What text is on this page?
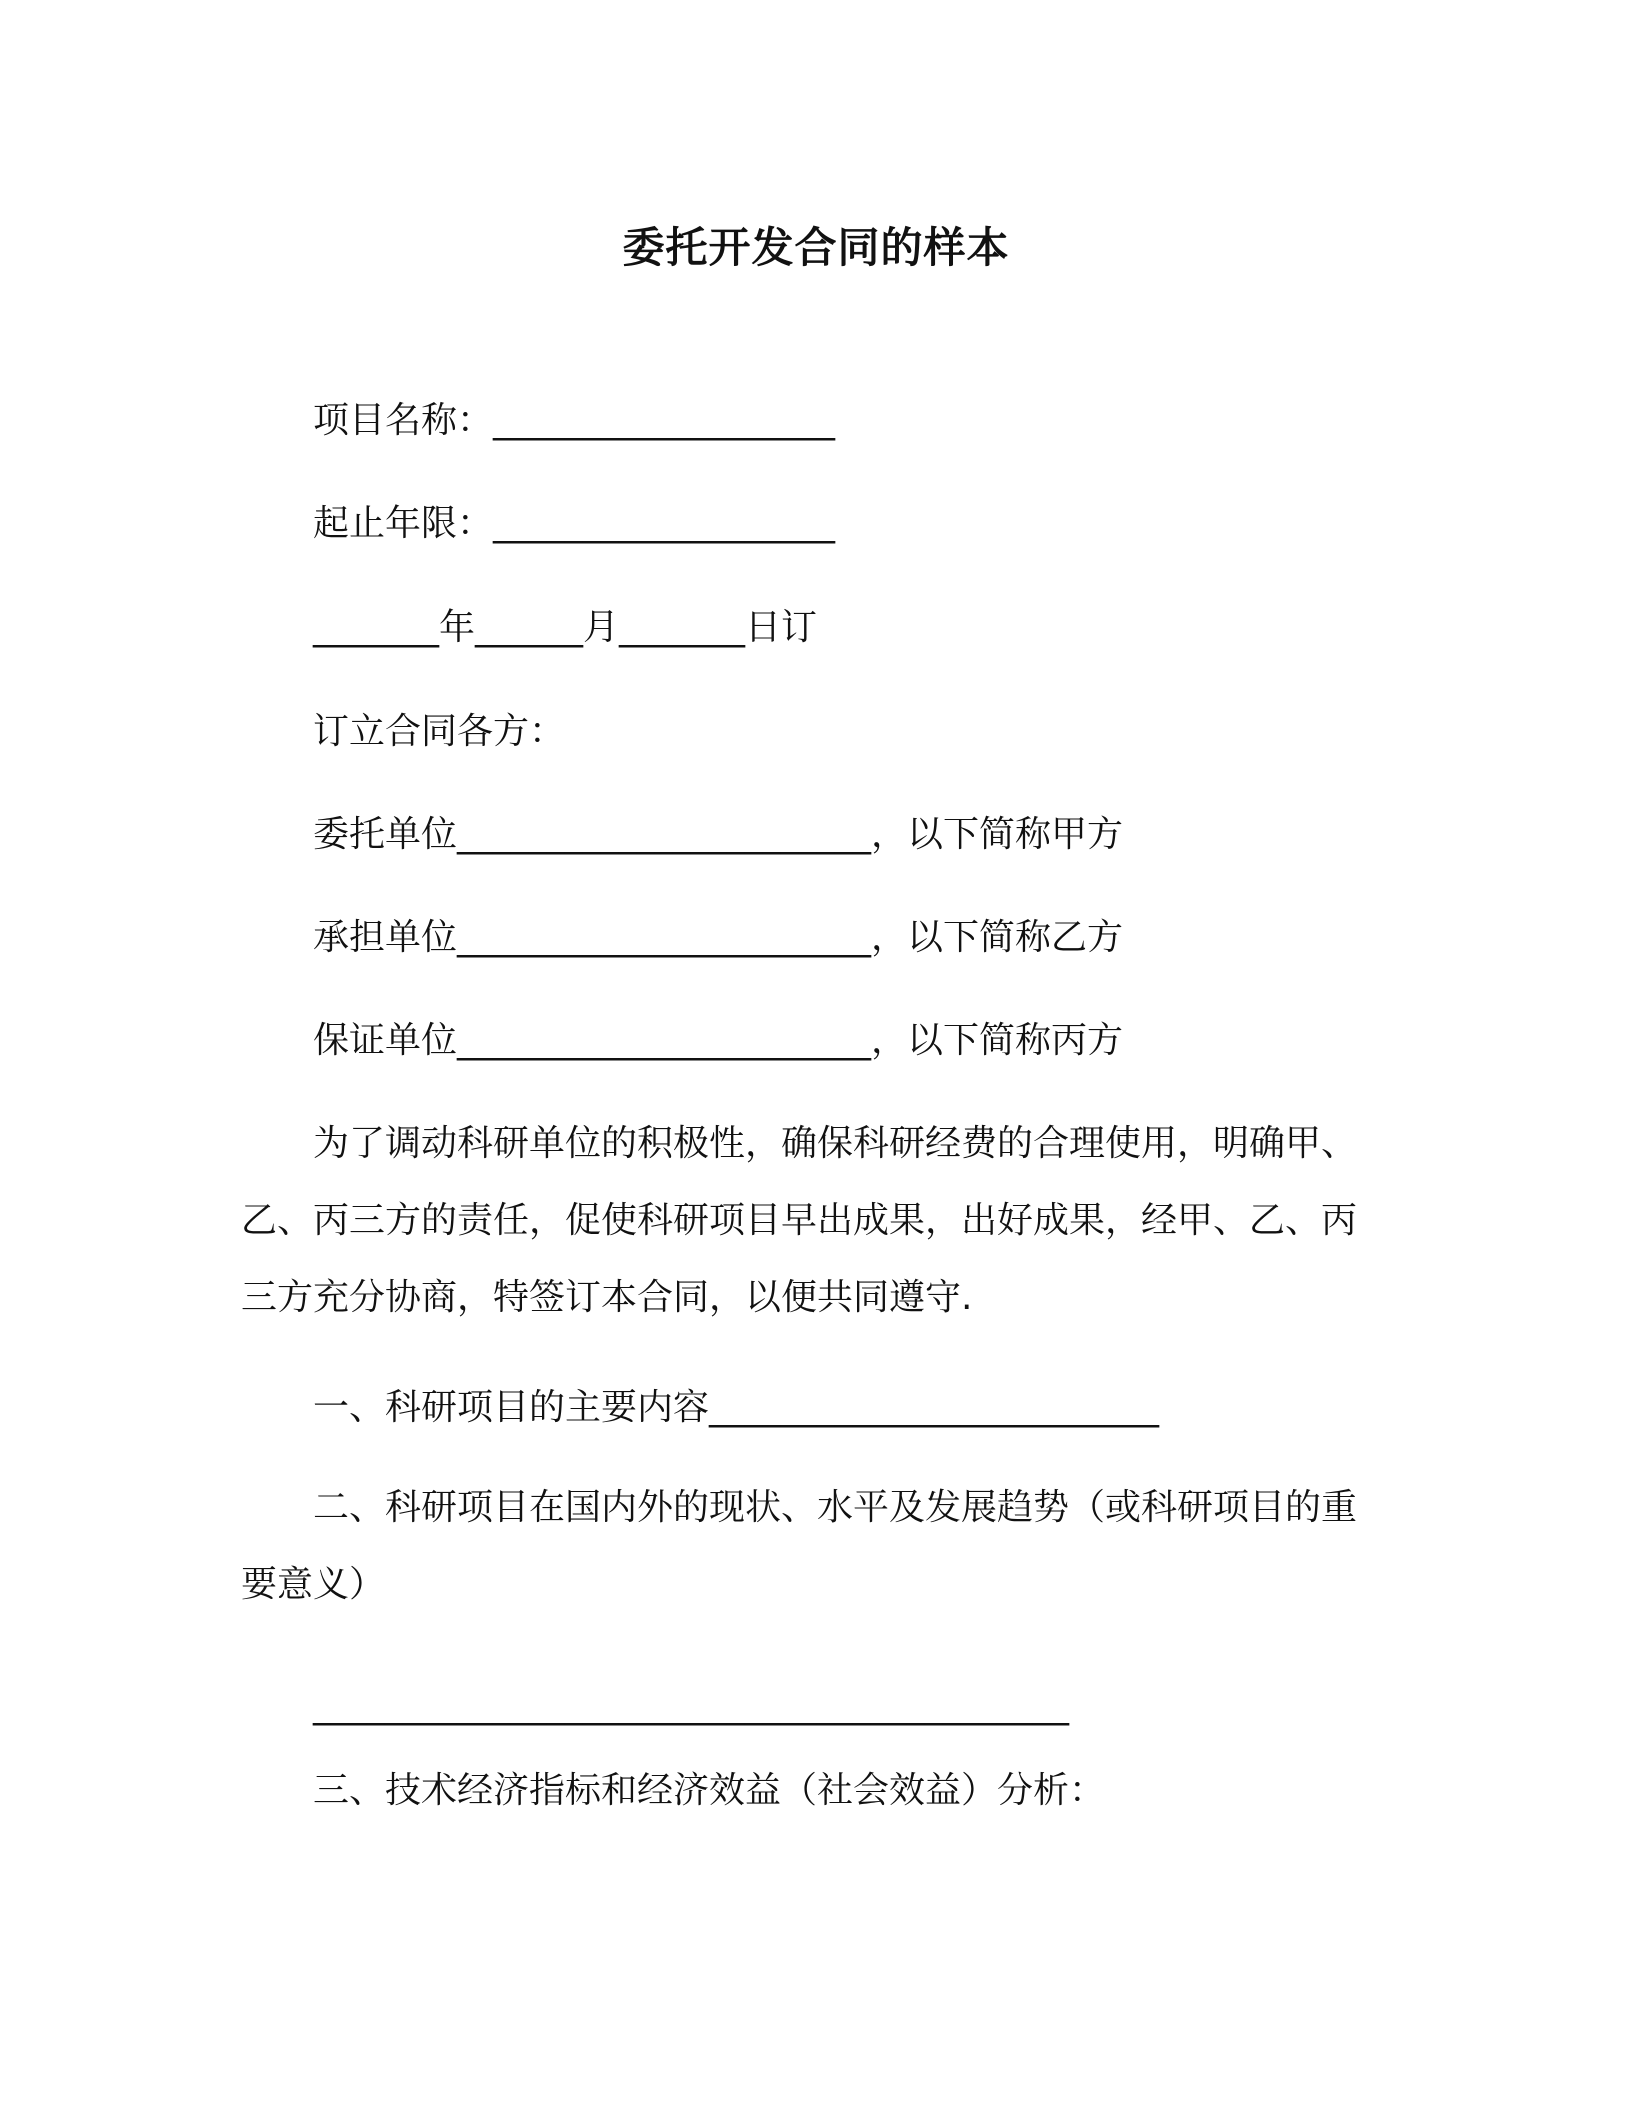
委托开发合同的样本
项目名称：___________________
起止年限：___________________
_______年______月_______日订
订立合同各方：
委托单位_______________________，以下简称甲方
承担单位_______________________，以下简称乙方
保证单位_______________________，以下简称丙方
为了调动科研单位的积极性，确保科研经费的合理使用，明确甲、乙、丙三方的责任，促使科研项目早出成果，出好成果，经甲、乙、丙三方充分协商，特签订本合同，以便共同遵守.
一、科研项目的主要内容_________________________
二、科研项目在国内外的现状、水平及发展趋势（或科研项目的重要意义）
__________________________________________
三、技术经济指标和经济效益（社会效益）分析：
